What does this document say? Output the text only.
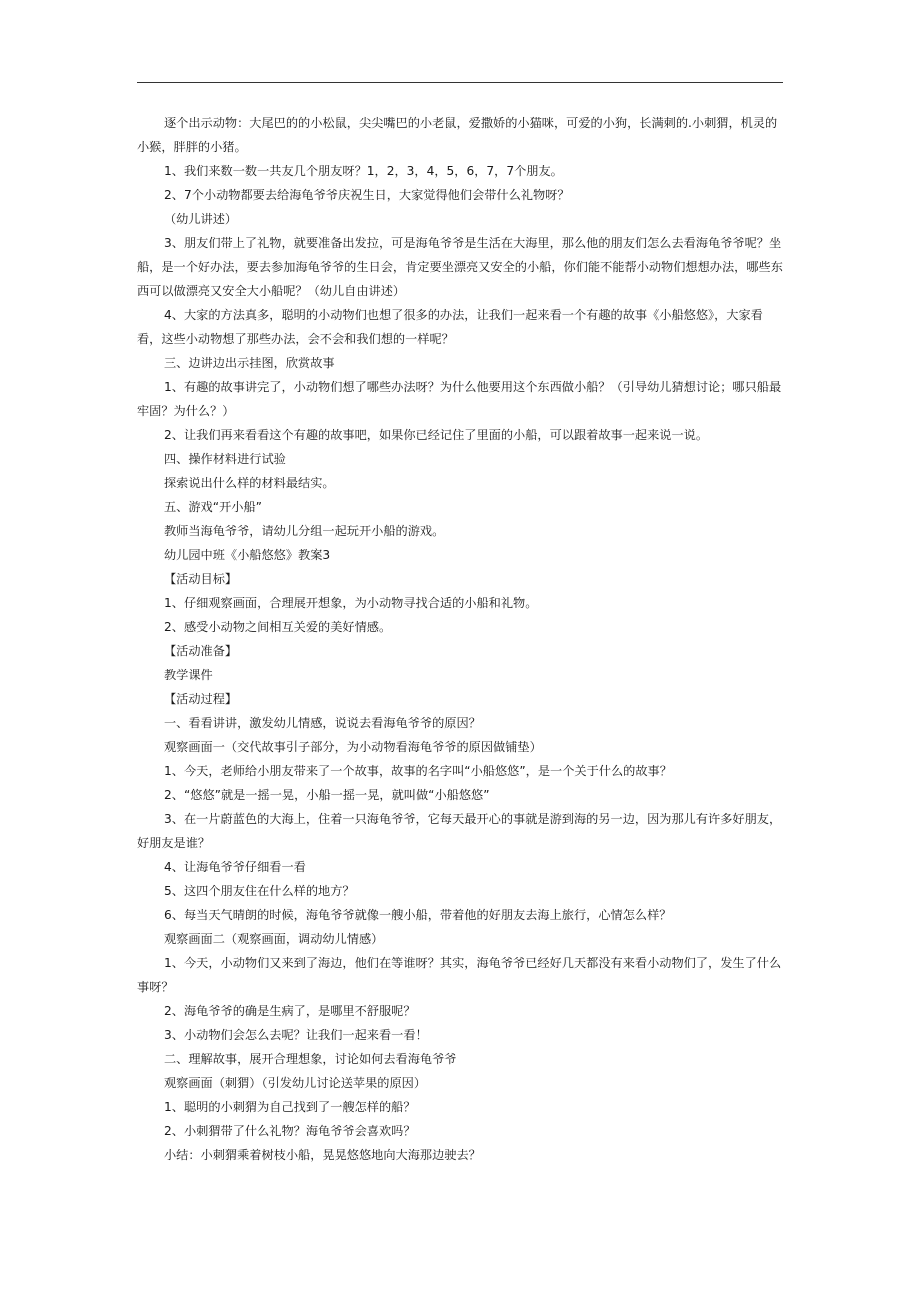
逐个出示动物：大尾巴的的小松鼠，尖尖嘴巴的小老鼠，爱撒娇的小猫咪，可爱的小狗，长满刺的.小刺猬，机灵的小猴，胖胖的小猪。

1、我们来数一数一共友几个朋友呀？1，2，3，4，5，6，7，7个朋友。

2、7个小动物都要去给海龟爷爷庆祝生日，大家觉得他们会带什么礼物呀？

（幼儿讲述）

3、朋友们带上了礼物，就要准备出发拉，可是海龟爷爷是生活在大海里，那么他的朋友们怎么去看海龟爷爷呢？坐船，是一个好办法，要去参加海龟爷爷的生日会，肯定要坐漂亮又安全的小船，你们能不能帮小动物们想想办法，哪些东西可以做漂亮又安全大小船呢？（幼儿自由讲述）

4、大家的方法真多，聪明的小动物们也想了很多的办法，让我们一起来看一个有趣的故事《小船悠悠》，大家看看，这些小动物想了那些办法，会不会和我们想的一样呢？

三、边讲边出示挂图，欣赏故事

1、有趣的故事讲完了，小动物们想了哪些办法呀？为什么他要用这个东西做小船？（引导幼儿猜想讨论；哪只船最牢固？为什么？）

2、让我们再来看看这个有趣的故事吧，如果你已经记住了里面的小船，可以跟着故事一起来说一说。

四、操作材料进行试验

探索说出什么样的材料最结实。

五、游戏“开小船”

教师当海龟爷爷，请幼儿分组一起玩开小船的游戏。

幼儿园中班《小船悠悠》教案3

【活动目标】

1、仔细观察画面，合理展开想象，为小动物寻找合适的小船和礼物。

2、感受小动物之间相互关爱的美好情感。

【活动准备】

教学课件

【活动过程】

一、看看讲讲，激发幼儿情感，说说去看海龟爷爷的原因？

观察画面一（交代故事引子部分，为小动物看海龟爷爷的原因做铺垫）

1、今天，老师给小朋友带来了一个故事，故事的名字叫“小船悠悠”，是一个关于什么的故事？

2、“悠悠”就是一摇一晃，小船一摇一晃，就叫做“小船悠悠”

3、在一片蔚蓝色的大海上，住着一只海龟爷爷，它每天最开心的事就是游到海的另一边，因为那儿有许多好朋友，好朋友是谁？

4、让海龟爷爷仔细看一看

5、这四个朋友住在什么样的地方？

6、每当天气晴朗的时候，海龟爷爷就像一艘小船，带着他的好朋友去海上旅行，心情怎么样？

观察画面二（观察画面，调动幼儿情感）

1、今天，小动物们又来到了海边，他们在等谁呀？其实，海龟爷爷已经好几天都没有来看小动物们了，发生了什么事呀？

2、海龟爷爷的确是生病了，是哪里不舒服呢？

3、小动物们会怎么去呢？让我们一起来看一看！

二、理解故事，展开合理想象，讨论如何去看海龟爷爷

观察画面（刺猬）（引发幼儿讨论送苹果的原因）

1、聪明的小刺猬为自己找到了一艘怎样的船？

2、小刺猬带了什么礼物？海龟爷爷会喜欢吗？

小结：小刺猬乘着树枝小船，晃晃悠悠地向大海那边驶去？
